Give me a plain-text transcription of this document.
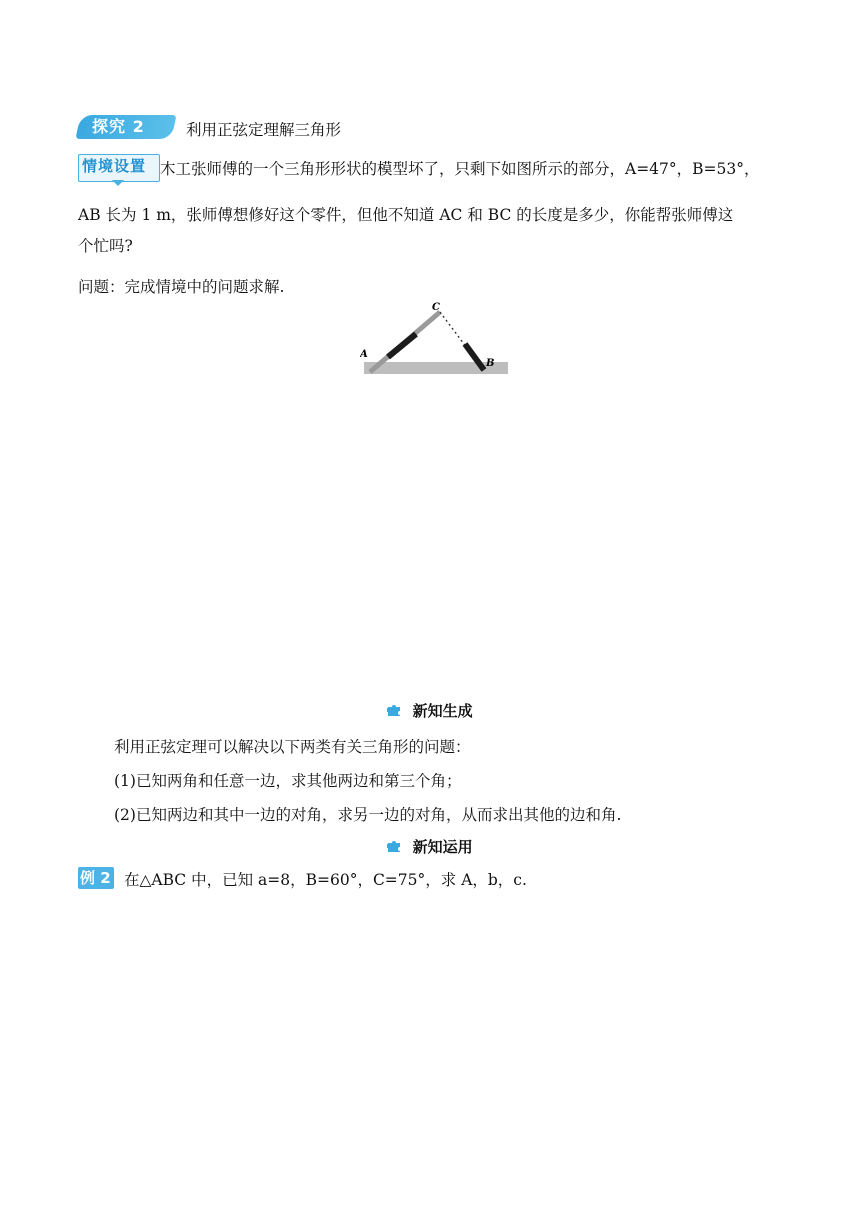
探究 2	利用正弦定理解三角形
情境设置 木工张师傅的一个三角形形状的模型坏了，只剩下如图所示的部分，A=47°，B=53°，
AB 长为 1 m，张师傅想修好这个零件，但他不知道 AC 和 BC 的长度是多少，你能帮张师傅这
个忙吗?
问题：完成情境中的问题求解.
A
B
C
新知生成
利用正弦定理可以解决以下两类有关三角形的问题：
(1)已知两角和任意一边，求其他两边和第三个角；
(2)已知两边和其中一边的对角，求另一边的对角，从而求出其他的边和角.
新知运用
例 2 在△ABC 中，已知 a=8，B=60°，C=75°，求 A，b，c.
